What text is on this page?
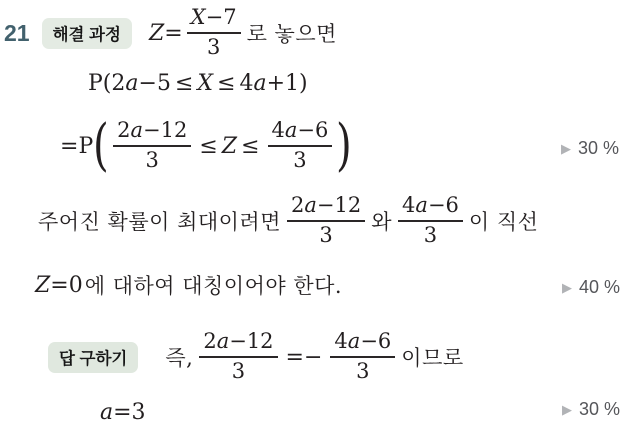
21	해결 과정	$Z = \frac{X -7}{3}$ 로 놓으면
P( 2 a −5 ≤ X ≤ 4 a +1)
= P ( $\frac{2 a -12}{3} \le Z \le \frac{4 a -6}{3}$ )
주어진 확률이 최대이려면 $\frac{2 a -12}{3}$ 와 $\frac{4 a -6}{3}$ 이 직선
Z =0 에 대하여 대칭이어야 한다.
답 구하기	즉, $\frac{2 a -12}{3} =- \frac{4 a -6}{3}$ 이므로
a =3
▶ 30 %
▶ 40 %
▶ 30 %
